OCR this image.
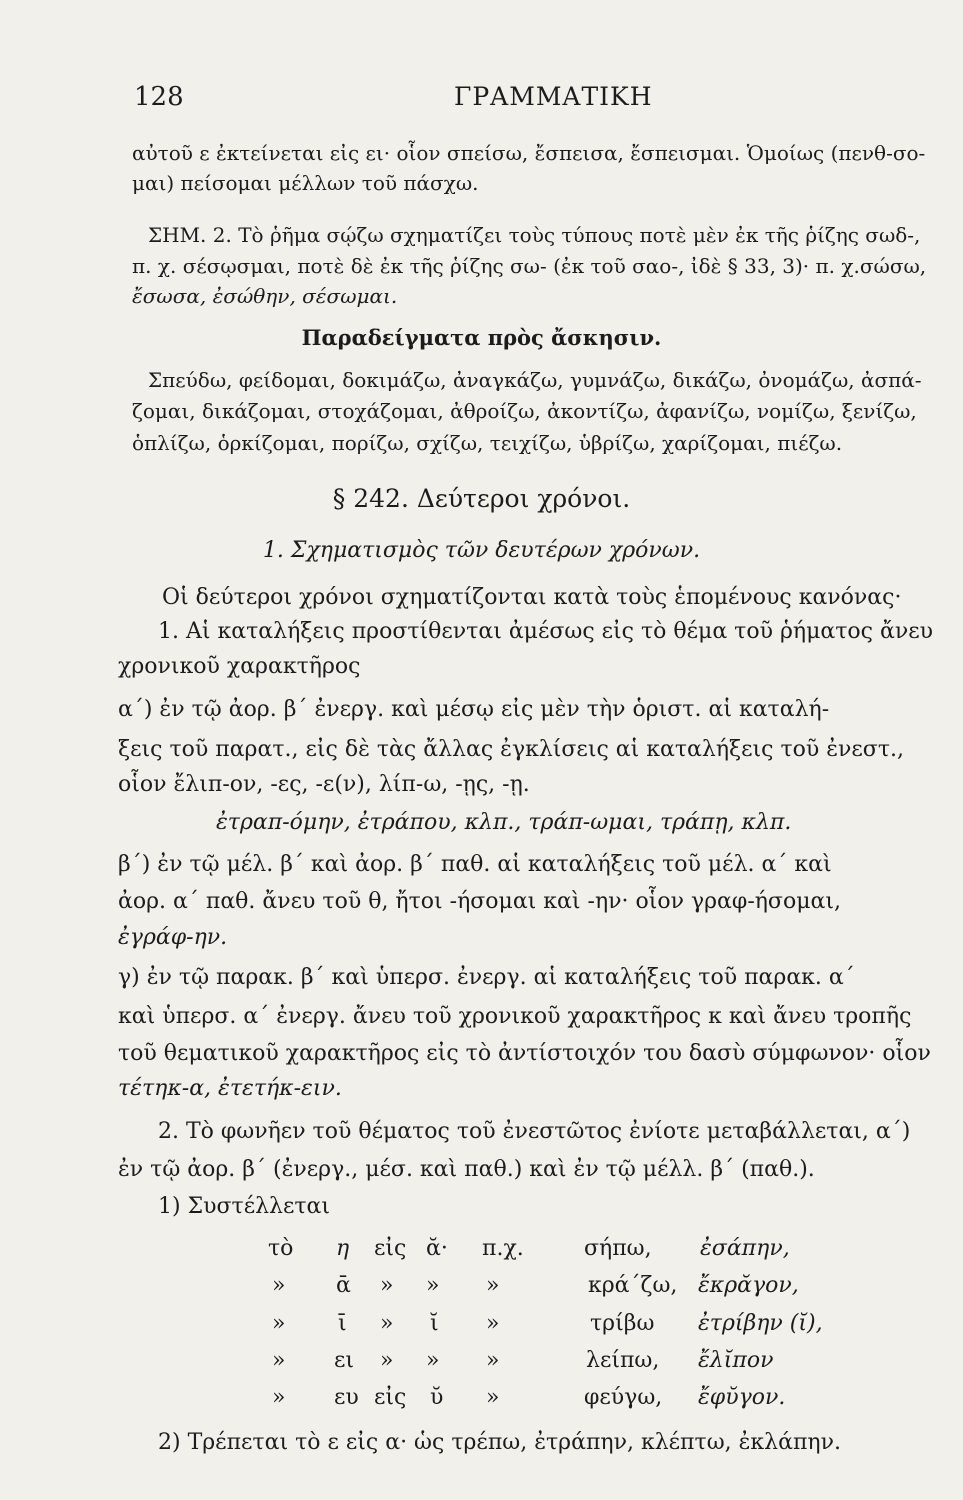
128	ΓΡΑΜΜΑΤΙΚΗ
αὐτοῦ ε ἐκτείνεται εἰς ει· οἷον σπείσω, ἔσπεισα, ἔσπεισμαι. Ὁμοίως (πενθ-σο-
μαι) πείσομαι μέλλων τοῦ πάσχω.
ΣΗΜ. 2. Τὸ ῥῆμα σῴζω σχηματίζει τοὺς τύπους ποτὲ μὲν ἐκ τῆς ῥίζης σωδ-,
π. χ. σέσῳσμαι, ποτὲ δὲ ἐκ τῆς ῥίζης σω- (ἐκ τοῦ σαο-, ἰδὲ § 33, 3)· π. χ.σώσω,
ἔσωσα, ἐσώθην, σέσωμαι.
Παραδείγματα πρὸς ἄσκησιν.
Σπεύδω, φείδομαι, δοκιμάζω, ἀναγκάζω, γυμνάζω, δικάζω, ὀνομάζω, ἀσπά-
ζομαι, δικάζομαι, στοχάζομαι, ἀθροίζω, ἀκοντίζω, ἀφανίζω, νομίζω, ξενίζω,
ὁπλίζω, ὁρκίζομαι, πορίζω, σχίζω, τειχίζω, ὑβρίζω, χαρίζομαι, πιέζω.
§ 242. Δεύτεροι χρόνοι.
1. Σχηματισμὸς τῶν δευτέρων χρόνων.
Οἱ δεύτεροι χρόνοι σχηματίζονται κατὰ τοὺς ἑπομένους κανόνας·
1. Αἱ καταλήξεις προστίθενται ἀμέσως εἰς τὸ θέμα τοῦ ῥήματος ἄνευ
χρονικοῦ χαρακτῆρος
α΄) ἐν τῷ ἀορ. β΄ ἐνεργ. καὶ μέσῳ εἰς μὲν τὴν ὁριστ. αἱ καταλή-
ξεις τοῦ παρατ., εἰς δὲ τὰς ἄλλας ἐγκλίσεις αἱ καταλήξεις τοῦ ἐνεστ.,
οἷον ἔλιπ-ον, -ες, -ε(ν), λίπ-ω, -ῃς, -ῃ.
ἐτραπ-όμην, ἐτράπου, κλπ., τράπ-ωμαι, τράπῃ, κλπ.
β΄) ἐν τῷ μέλ. β΄ καὶ ἀορ. β΄ παθ. αἱ καταλήξεις τοῦ μέλ. α΄ καὶ
ἀορ. α΄ παθ. ἄνευ τοῦ θ, ἤτοι -ήσομαι καὶ -ην· οἷον γραφ-ήσομαι,
ἐγράφ-ην.
γ) ἐν τῷ παρακ. β΄ καὶ ὑπερσ. ἐνεργ. αἱ καταλήξεις τοῦ παρακ. α΄
καὶ ὑπερσ. α΄ ἐνεργ. ἄνευ τοῦ χρονικοῦ χαρακτῆρος κ καὶ ἄνευ τροπῆς
τοῦ θεματικοῦ χαρακτῆρος εἰς τὸ ἀντίστοιχόν του δασὺ σύμφωνον· οἷον
τέτηκ-α, ἐτετήκ-ειν.
2. Τὸ φωνῆεν τοῦ θέματος τοῦ ἐνεστῶτος ἐνίοτε μεταβάλλεται, α΄)
ἐν τῷ ἀορ. β΄ (ἐνεργ., μέσ. καὶ παθ.) καὶ ἐν τῷ μέλλ. β΄ (παθ.).
1) Συστέλλεται
τὸ η εἰς ᾰ· π.χ.	σήπω, ἐσάπην,
» ᾱ » » »	κρά΄ζω, ἔκρᾰγον,
» ῑ » ῐ »	τρίβω ἐτρίβην (ῐ),
» ει » » »	λείπω, ἔλῐπον
» ευ εἰς ῠ »	φεύγω, ἔφῠγον.
2) Τρέπεται τὸ ε εἰς α· ὡς τρέπω, ἐτράπην, κλέπτω, ἐκλάπην.
